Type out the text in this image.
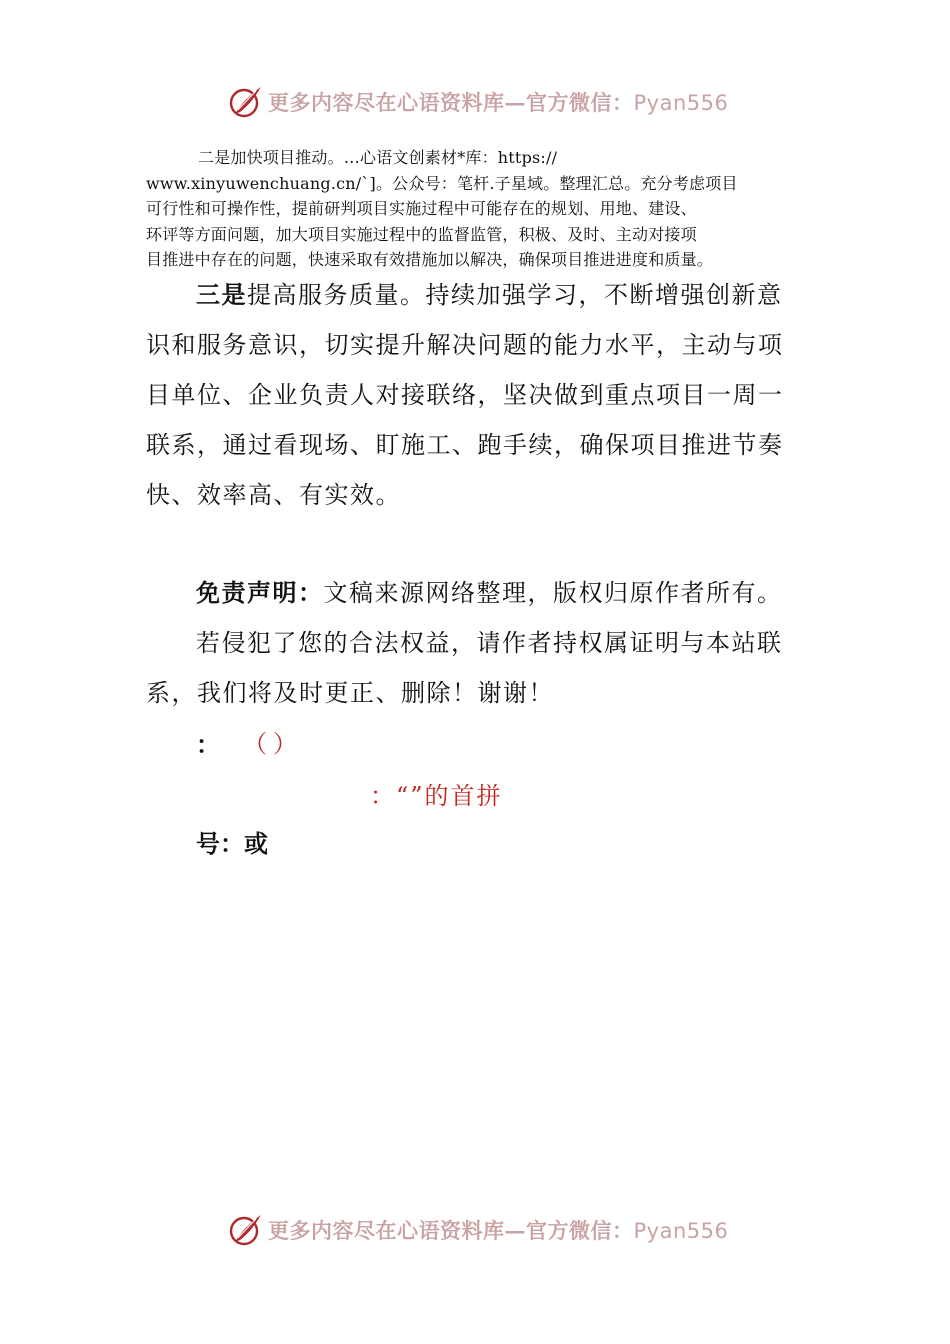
更多内容尽在心语资料库—官方微信：Pyan556
二是加快项目推动。…心语文创素材*库：https://
www.xinyuwenchuang.cn/`]。公众号：笔杆.子星域。整理汇总。充分考虑项目
可行性和可操作性，提前研判项目实施过程中可能存在的规划、用地、建设、
环评等方面问题，加大项目实施过程中的监督监管，积极、及时、主动对接项
目推进中存在的问题，快速采取有效措施加以解决，确保项目推进进度和质量。
三是提高服务质量。持续加强学习，不断增强创新意
识和服务意识，切实提升解决问题的能力水平，主动与项
目单位、企业负责人对接联络，坚决做到重点项目一周一
联系，通过看现场、盯施工、跑手续，确保项目推进节奏
快、效率高、有实效。
免责声明：文稿来源网络整理，版权归原作者所有。
若侵犯了您的合法权益，请作者持权属证明与本站联
系，我们将及时更正、删除！谢谢！
： （）
：“”的首拼
号：或
更多内容尽在心语资料库—官方微信：Pyan556
